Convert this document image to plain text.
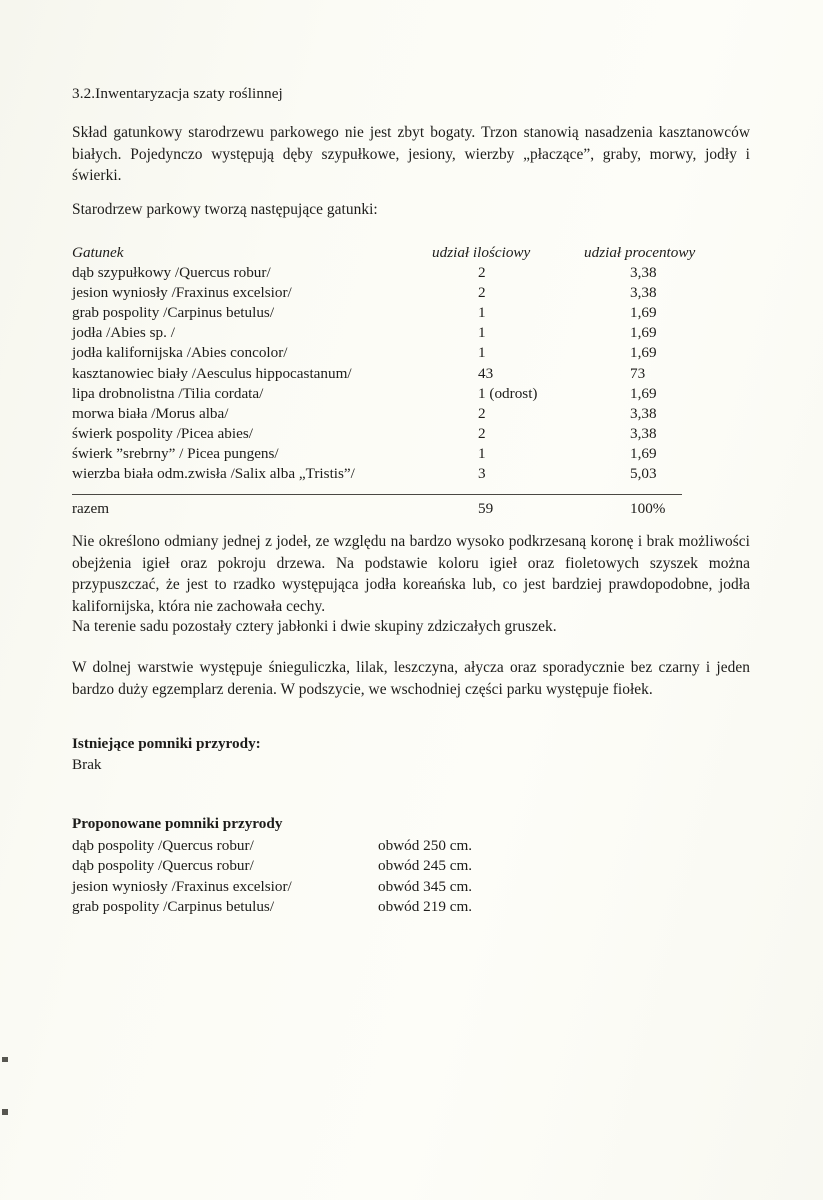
3.2.Inwentaryzacja szaty roślinnej

Skład gatunkowy starodrzewu parkowego nie jest zbyt bogaty. Trzon stanowią nasadzenia kasztanowców białych. Pojedynczo występują dęby szypułkowe, jesiony, wierzby „płaczące”, graby, morwy, jodły i świerki.

Starodrzew parkowy tworzą następujące gatunki:

Gatunek	udział ilościowy	udział procentowy
dąb szypułkowy /Quercus robur/	2	3,38
jesion wyniosły /Fraxinus excelsior/	2	3,38
grab pospolity /Carpinus betulus/	1	1,69
jodła /Abies sp. /	1	1,69
jodła kalifornijska /Abies concolor/	1	1,69
kasztanowiec biały /Aesculus hippocastanum/	43	73
lipa drobnolistna /Tilia cordata/	1 (odrost)	1,69
morwa biała /Morus alba/	2	3,38
świerk pospolity /Picea abies/	2	3,38
świerk ”srebrny” / Picea pungens/	1	1,69
wierzba biała odm.zwisła /Salix alba „Tristis”/	3	5,03
razem	59	100%

Nie określono odmiany jednej z jodeł, ze względu na bardzo wysoko podkrzesaną koronę i brak możliwości obejżenia igieł oraz pokroju drzewa. Na podstawie koloru igieł oraz fioletowych szyszek można przypuszczać, że jest to rzadko występująca jodła koreańska lub, co jest bardziej prawdopodobne, jodła kalifornijska, która nie zachowała cechy.

Na terenie sadu pozostały cztery jabłonki i dwie skupiny zdziczałych gruszek.

W dolnej warstwie występuje śnieguliczka, lilak, leszczyna, ałycza oraz sporadycznie bez czarny i jeden bardzo duży egzemplarz derenia. W podszycie, we wschodniej części parku występuje fiołek.

Istniejące pomniki przyrody:
Brak
Proponowane pomniki przyrody
dąb pospolity /Quercus robur/	obwód 250 cm.
dąb pospolity /Quercus robur/	obwód 245 cm.
jesion wyniosły /Fraxinus excelsior/	obwód 345 cm.
grab pospolity /Carpinus betulus/	obwód 219 cm.
